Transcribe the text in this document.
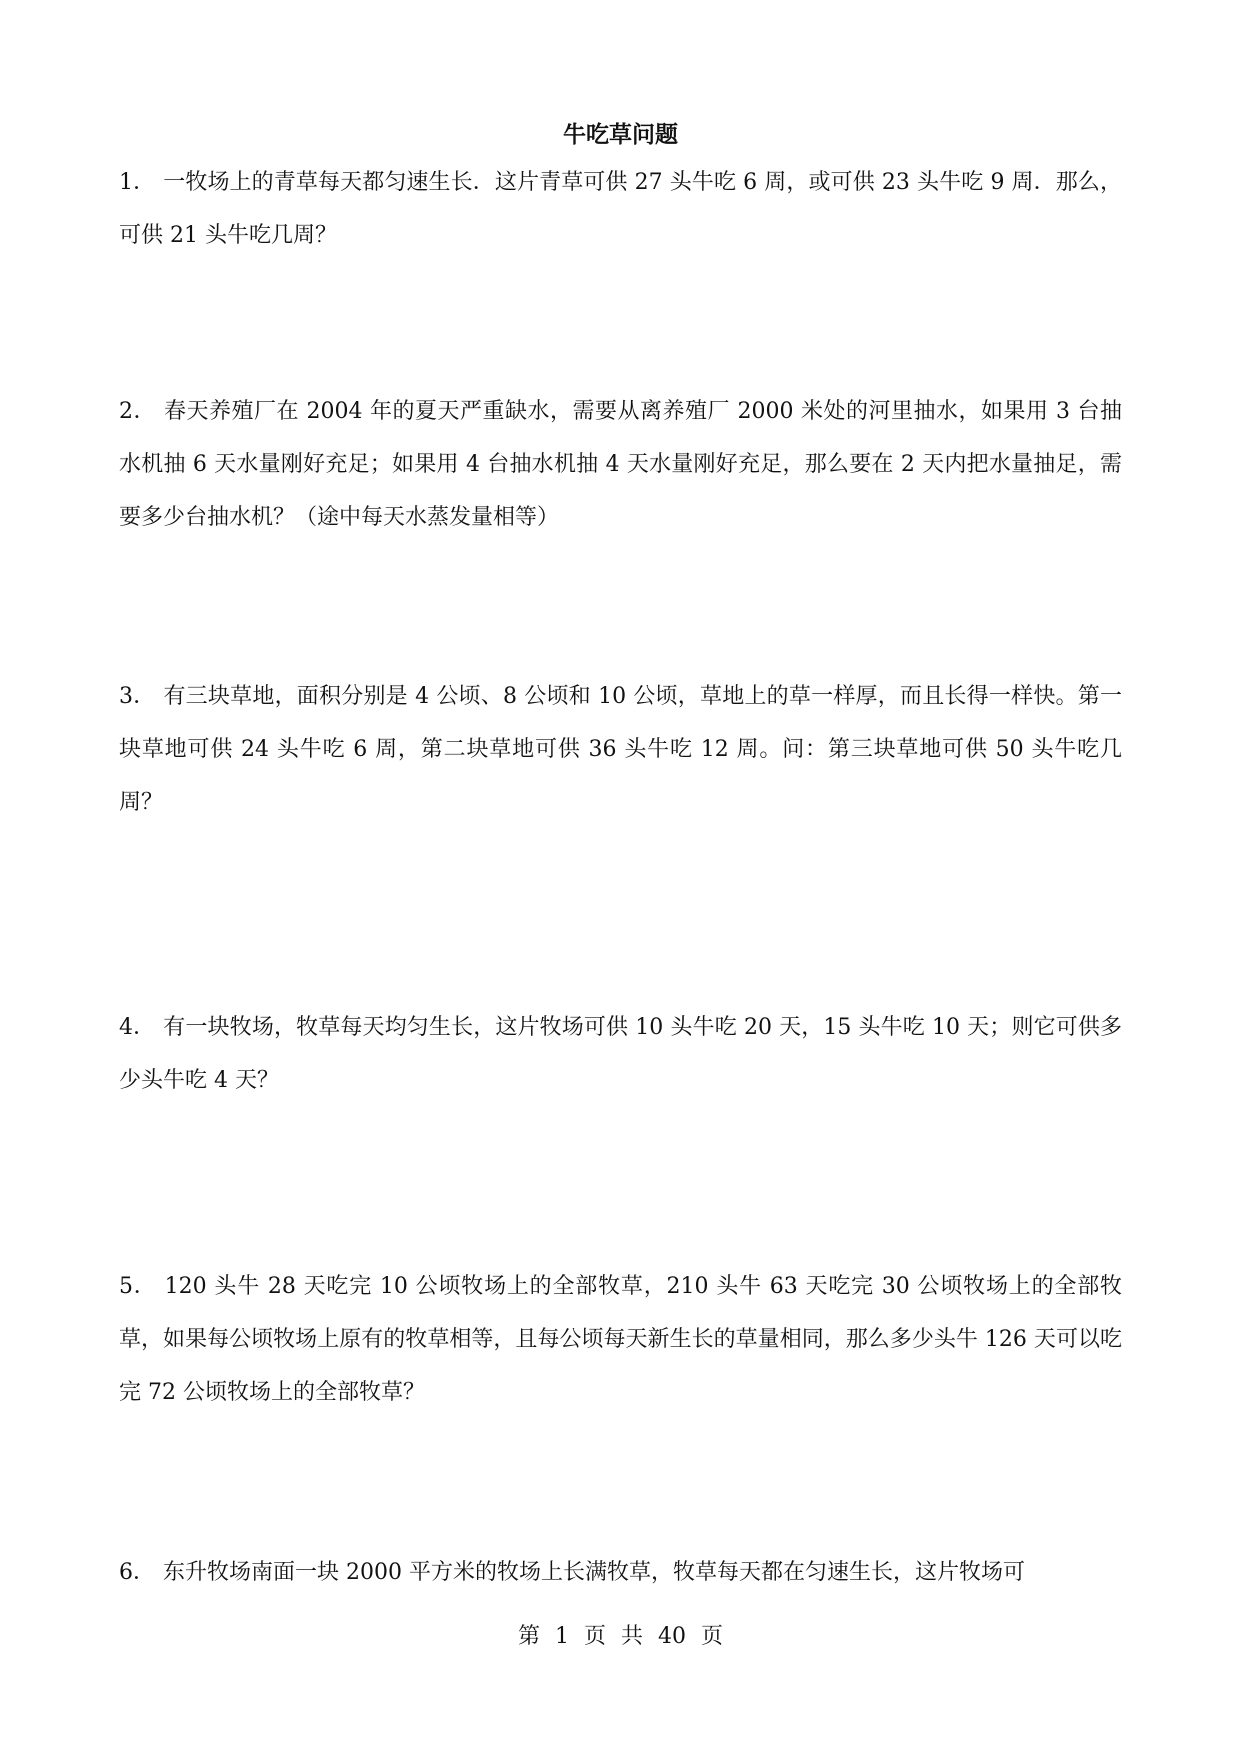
牛吃草问题

1． 一牧场上的青草每天都匀速生长．这片青草可供 27 头牛吃 6 周，或可供 23 头牛吃 9 周．那么，可供 21 头牛吃几周？

2． 春天养殖厂在 2004 年的夏天严重缺水，需要从离养殖厂 2000 米处的河里抽水，如果用 3 台抽水机抽 6 天水量刚好充足；如果用 4 台抽水机抽 4 天水量刚好充足，那么要在 2 天内把水量抽足，需要多少台抽水机？（途中每天水蒸发量相等）

3． 有三块草地，面积分别是 4 公顷、8 公顷和 10 公顷，草地上的草一样厚，而且长得一样快。第一块草地可供 24 头牛吃 6 周，第二块草地可供 36 头牛吃 12 周。问：第三块草地可供 50 头牛吃几周？

4． 有一块牧场，牧草每天均匀生长，这片牧场可供 10 头牛吃 20 天，15 头牛吃 10 天；则它可供多少头牛吃 4 天？

5． 120 头牛 28 天吃完 10 公顷牧场上的全部牧草，210 头牛 63 天吃完 30 公顷牧场上的全部牧草，如果每公顷牧场上原有的牧草相等，且每公顷每天新生长的草量相同，那么多少头牛 126 天可以吃完 72 公顷牧场上的全部牧草？

6． 东升牧场南面一块 2000 平方米的牧场上长满牧草，牧草每天都在匀速生长，这片牧场可

第 1 页 共 40 页
